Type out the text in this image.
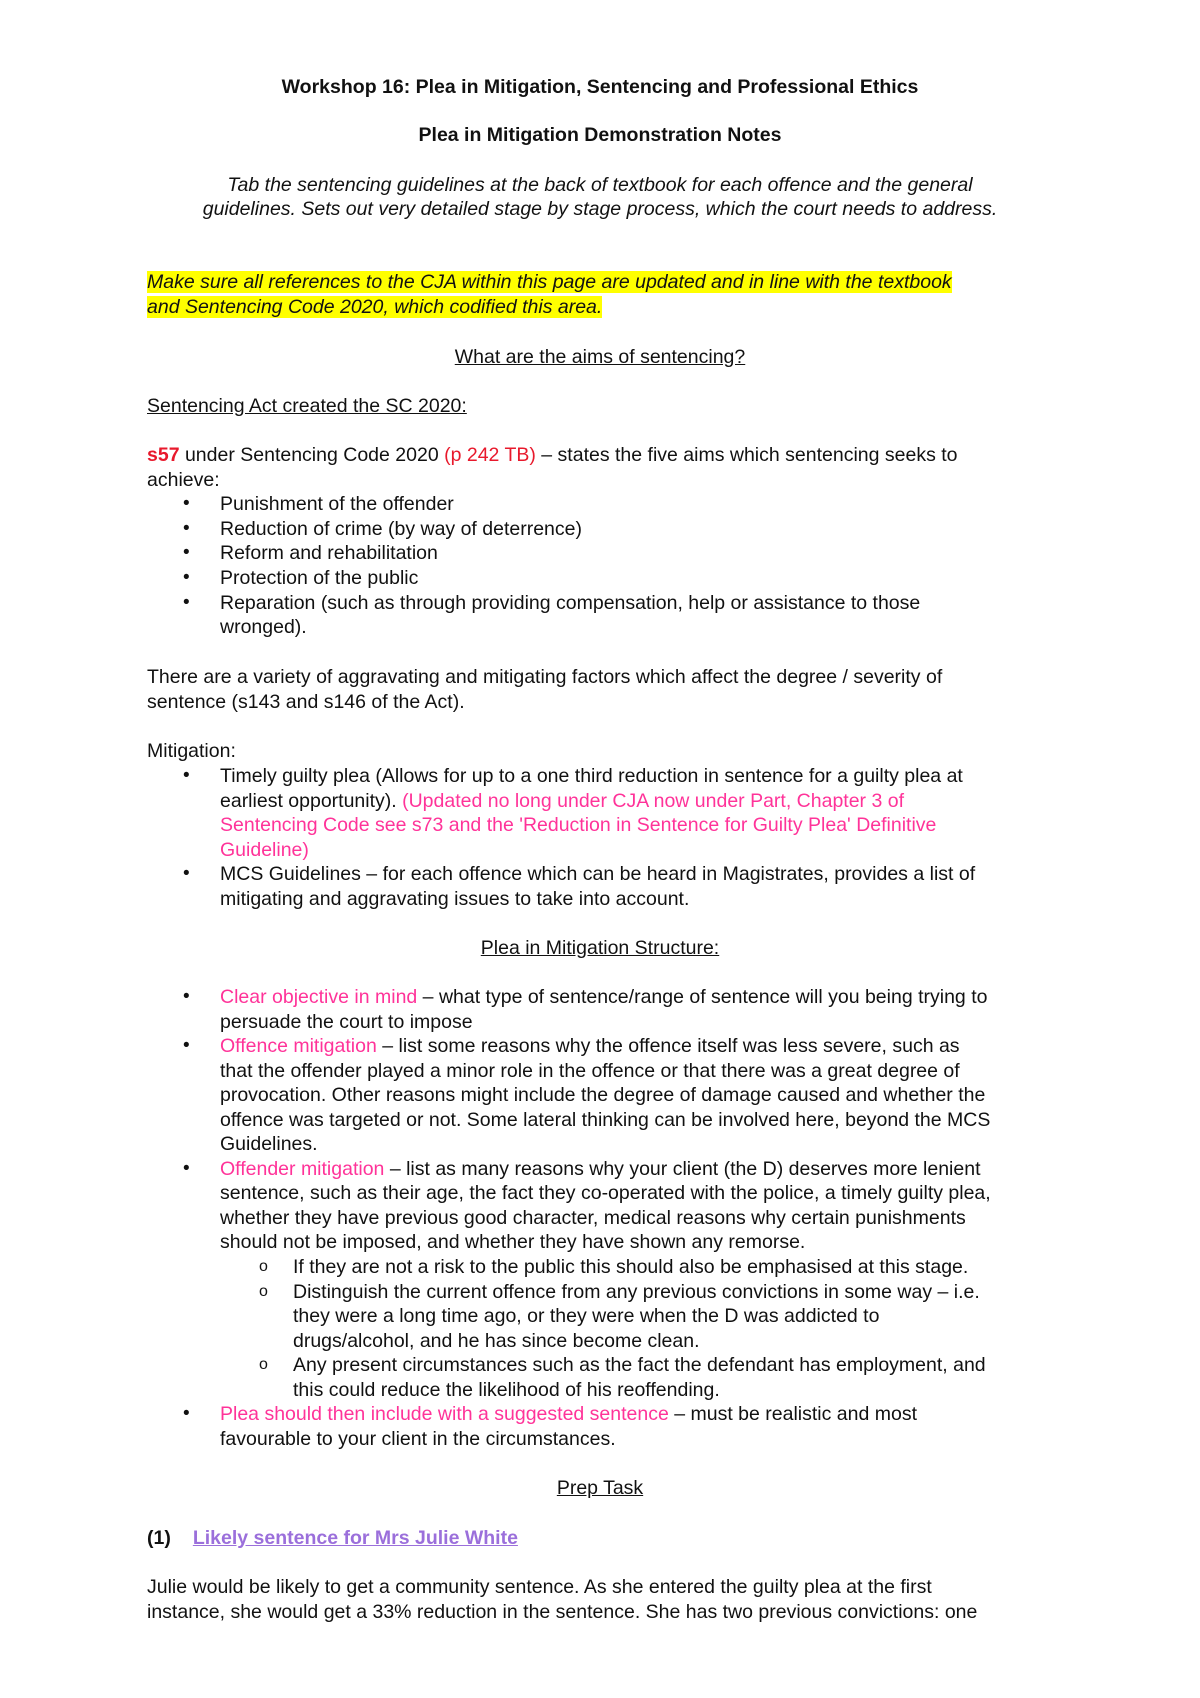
Workshop 16: Plea in Mitigation, Sentencing and Professional Ethics
Plea in Mitigation Demonstration Notes
Tab the sentencing guidelines at the back of textbook for each offence and the general
guidelines. Sets out very detailed stage by stage process, which the court needs to address.
Make sure all references to the CJA within this page are updated and in line with the textbook
and Sentencing Code 2020, which codified this area.
What are the aims of sentencing?
Sentencing Act created the SC 2020:
s57 under Sentencing Code 2020 (p 242 TB) – states the five aims which sentencing seeks to
achieve:
• Punishment of the offender
• Reduction of crime (by way of deterrence)
• Reform and rehabilitation
• Protection of the public
• Reparation (such as through providing compensation, help or assistance to those
wronged).
There are a variety of aggravating and mitigating factors which affect the degree / severity of
sentence (s143 and s146 of the Act).
Mitigation:
• Timely guilty plea (Allows for up to a one third reduction in sentence for a guilty plea at
earliest opportunity). (Updated no long under CJA now under Part, Chapter 3 of
Sentencing Code see s73 and the 'Reduction in Sentence for Guilty Plea' Definitive
Guideline)
• MCS Guidelines – for each offence which can be heard in Magistrates, provides a list of
mitigating and aggravating issues to take into account.
Plea in Mitigation Structure:
• Clear objective in mind – what type of sentence/range of sentence will you being trying to
persuade the court to impose
• Offence mitigation – list some reasons why the offence itself was less severe, such as
that the offender played a minor role in the offence or that there was a great degree of
provocation. Other reasons might include the degree of damage caused and whether the
offence was targeted or not. Some lateral thinking can be involved here, beyond the MCS
Guidelines.
• Offender mitigation – list as many reasons why your client (the D) deserves more lenient
sentence, such as their age, the fact they co-operated with the police, a timely guilty plea,
whether they have previous good character, medical reasons why certain punishments
should not be imposed, and whether they have shown any remorse.
o If they are not a risk to the public this should also be emphasised at this stage.
o Distinguish the current offence from any previous convictions in some way – i.e.
they were a long time ago, or they were when the D was addicted to
drugs/alcohol, and he has since become clean.
o Any present circumstances such as the fact the defendant has employment, and
this could reduce the likelihood of his reoffending.
• Plea should then include with a suggested sentence – must be realistic and most
favourable to your client in the circumstances.
Prep Task
(1) Likely sentence for Mrs Julie White
Julie would be likely to get a community sentence. As she entered the guilty plea at the first
instance, she would get a 33% reduction in the sentence. She has two previous convictions: one
